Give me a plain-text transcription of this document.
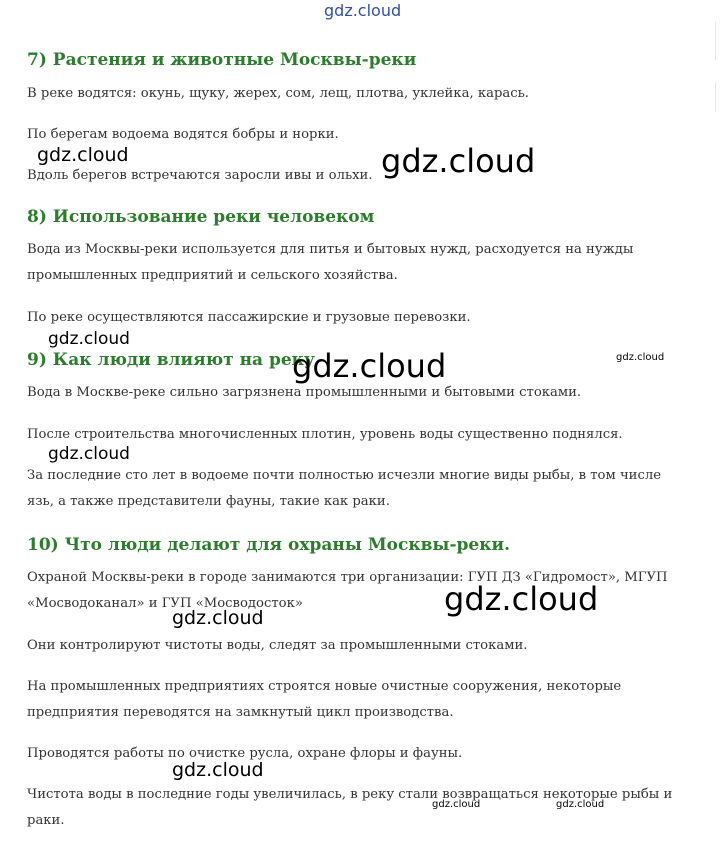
7) Растения и животные Москвы-реки

В реке водятся: окунь, щуку, жерех, сом, лещ, плотва, уклейка, карась.

По берегам водоема водятся бобры и норки.

Вдоль берегов встречаются заросли ивы и ольхи.

8) Использование реки человеком

Вода из Москвы-реки используется для питья и бытовых нужд, расходуется на нужды промышленных предприятий и сельского хозяйства.

По реке осуществляются пассажирские и грузовые перевозки.

9) Как люди влияют на реку

Вода в Москве-реке сильно загрязнена промышленными и бытовыми стоками.

После строительства многочисленных плотин, уровень воды существенно поднялся.

За последние сто лет в водоеме почти полностью исчезли многие виды рыбы, в том числе язь, а также представители фауны, такие как раки.

10) Что люди делают для охраны Москвы-реки.

Охраной Москвы-реки в городе занимаются три организации: ГУП ДЗ «Гидромост», МГУП «Мосводоканал» и ГУП «Мосводосток»

Они контролируют чистоты воды, следят за промышленными стоками.

На промышленных предприятиях строятся новые очистные сооружения, некоторые предприятия переводятся на замкнутый цикл производства.

Проводятся работы по очистке русла, охране флоры и фауны.

Чистота воды в последние годы увеличилась, в реку стали возвращаться некоторые рыбы и раки.

gdz.cloud
gdz.cloud	gdz.cloud
gdz.cloud
gdz.cloud	gdz.cloud
gdz.cloud
gdz.cloud
gdz.cloud
gdz.cloud
gdz.cloud	gdz.cloud
